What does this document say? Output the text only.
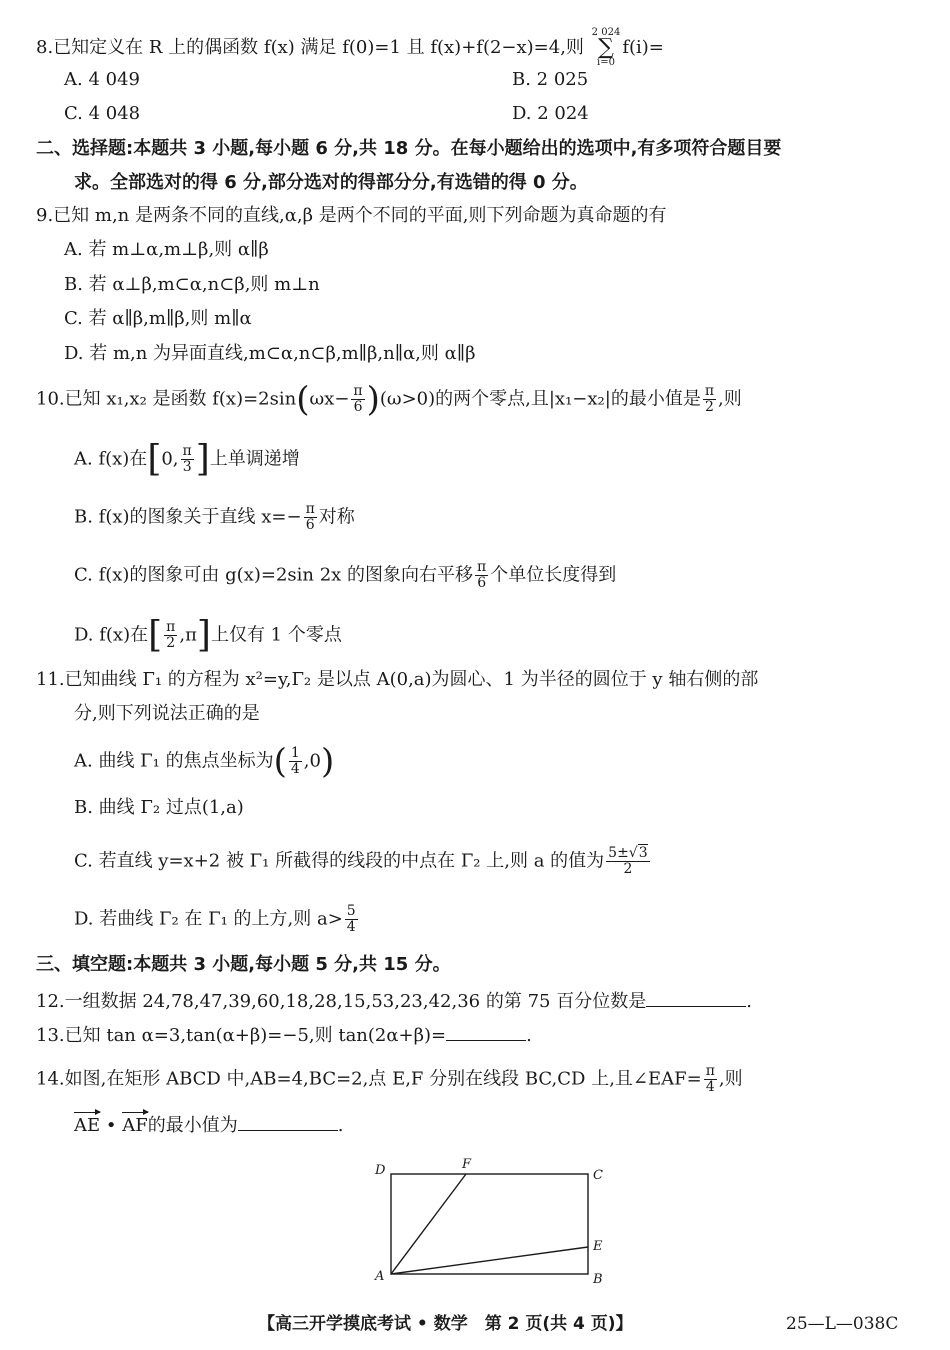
8.已知定义在 R 上的偶函数 f(x) 满足 f(0)=1 且 f(x)+f(2−x)=4,则
2 024
∑
i=0
f(i)=
A. 4 049	B. 2 025
C. 4 048	D. 2 024
二、选择题:本题共 3 小题,每小题 6 分,共 18 分。在每小题给出的选项中,有多项符合题目要
求。全部选对的得 6 分,部分选对的得部分分,有选错的得 0 分。
9.已知 m,n 是两条不同的直线,α,β 是两个不同的平面,则下列命题为真命题的有
A. 若 m⊥α,m⊥β,则 α∥β
B. 若 α⊥β,m⊂α,n⊂β,则 m⊥n
C. 若 α∥β,m∥β,则 m∥α
D. 若 m,n 为异面直线,m⊂α,n⊂β,m∥β,n∥α,则 α∥β
10.已知 x₁,x₂ 是函数 $f(x)=2\sin(\omega x- \frac{\pi}{6} )(\omega>0)$的两个零点,且|x₁−x₂|的最小值是 $\frac{\pi}{2}$ ,则
A. f(x)在[0, $\frac{\pi}{3}$ ]上单调递增
B. f(x)的图象关于直线 $x=- \frac{\pi}{6}$ 对称
C. f(x)的图象可由 g(x)=2sin 2x 的图象向右平移 $\frac{\pi}{6}$ 个单位长度得到
D. f(x)在[ $\frac{\pi}{2} ,\pi$]上仅有 1 个零点
11.已知曲线 Γ₁ 的方程为 x²=y,Γ₂ 是以点 A(0,a)为圆心、1 为半径的圆位于 y 轴右侧的部
分,则下列说法正确的是
A. 曲线 Γ₁ 的焦点坐标为( $\frac{1}{4} ,0$)
B. 曲线 Γ₂ 过点(1,a)
C. 若直线 y=x+2 被 Γ₁ 所截得的线段的中点在 Γ₂ 上,则 a 的值为 $\frac{5\pm√3}{2}$
D. 若曲线 Γ₂ 在 Γ₁ 的上方,则 $a> \frac{5}{4}$
三、填空题:本题共 3 小题,每小题 5 分,共 15 分。
12.一组数据 24,78,47,39,60,18,28,15,53,23,42,36 的第 75 百分位数是	.
13.已知 tan α=3,tan(α+β)=−5,则 tan(2α+β)=	.
14.如图,在矩形 ABCD 中,AB=4,BC=2,点 E,F 分别在线段 BC,CD 上,且∠EAF= $\frac{\pi}{4}$ ,则
AE • AF的最小值为	.
A	B
C
D
E
F
【高三开学摸底考试 • 数学　第 2 页(共 4 页)】	25—L—038C
